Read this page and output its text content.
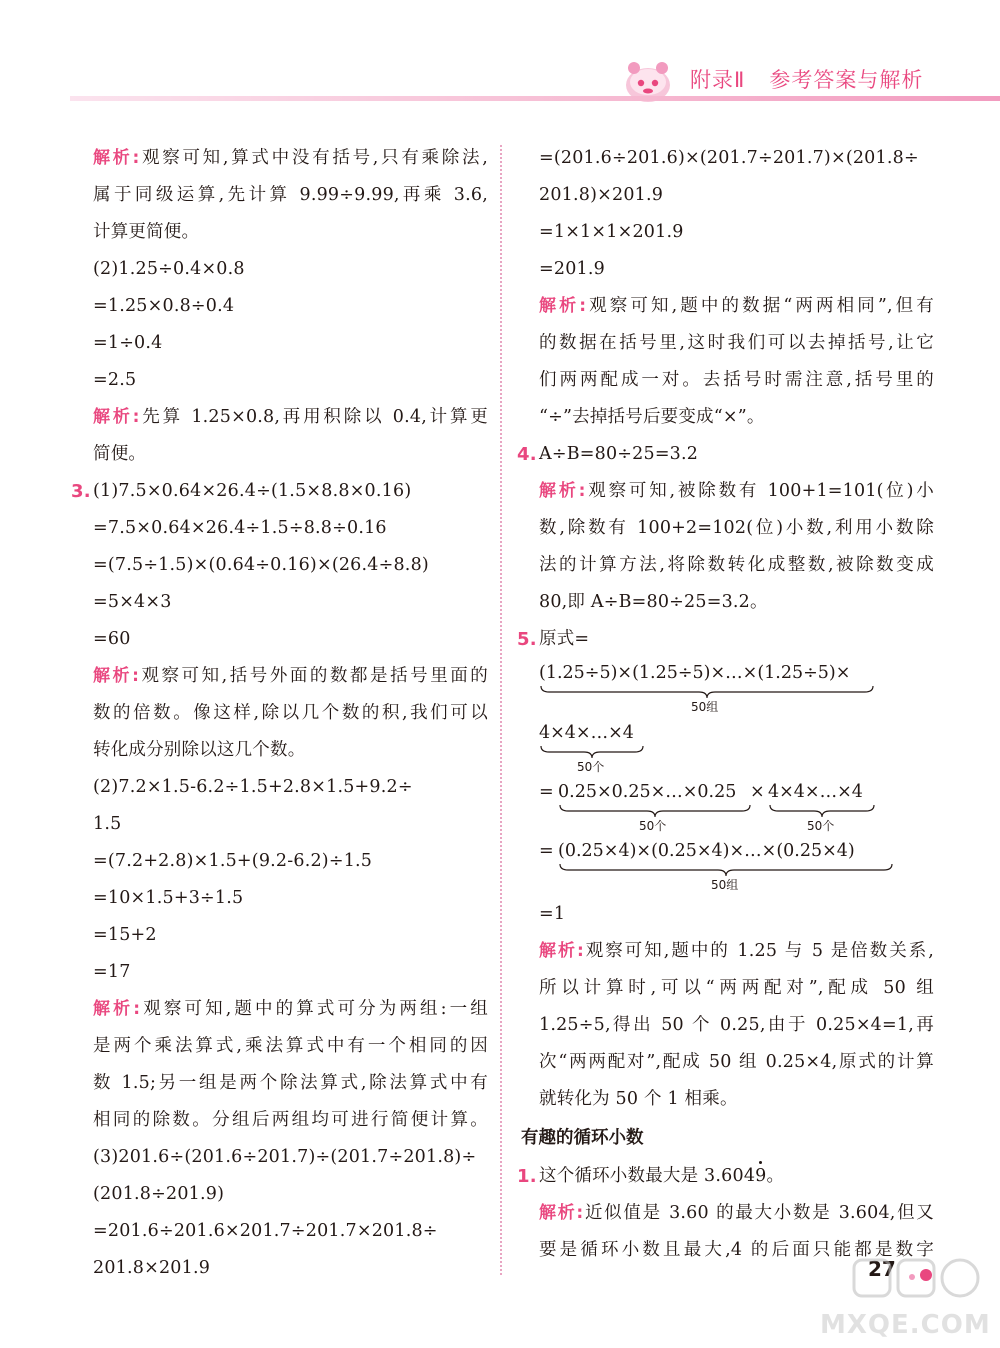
附录Ⅱ 参考答案与解析
解析:观察可知,算式中没有括号,只有乘除法,
属于同级运算,先计算 9.99÷9.99,再乘 3.6,
计算更简便。
(2)1.25÷0.4×0.8
=1.25×0.8÷0.4
=1÷0.4
=2.5
解析:先算 1.25×0.8,再用积除以 0.4,计算更
简便。
3. (1)7.5×0.64×26.4÷(1.5×8.8×0.16)
=7.5×0.64×26.4÷1.5÷8.8÷0.16
=(7.5÷1.5)×(0.64÷0.16)×(26.4÷8.8)
=5×4×3
=60
解析:观察可知,括号外面的数都是括号里面的
数的倍数。像这样,除以几个数的积,我们可以
转化成分别除以这几个数。
(2)7.2×1.5-6.2÷1.5+2.8×1.5+9.2÷
1.5
=(7.2+2.8)×1.5+(9.2-6.2)÷1.5
=10×1.5+3÷1.5
=15+2
=17
解析:观察可知,题中的算式可分为两组:一组
是两个乘法算式,乘法算式中有一个相同的因
数 1.5;另一组是两个除法算式,除法算式中有
相同的除数。分组后两组均可进行简便计算。
(3)201.6÷(201.6÷201.7)÷(201.7÷201.8)÷
(201.8÷201.9)
=201.6÷201.6×201.7÷201.7×201.8÷
201.8×201.9
=(201.6÷201.6)×(201.7÷201.7)×(201.8÷
201.8)×201.9
=1×1×1×201.9
=201.9
解析:观察可知,题中的数据“两两相同”,但有
的数据在括号里,这时我们可以去掉括号,让它
们两两配成一对。去括号时需注意,括号里的
“÷”去掉括号后要变成“×”。
4. A÷B=80÷25=3.2
解析:观察可知,被除数有 100+1=101(位)小
数,除数有 100+2=102(位)小数,利用小数除
法的计算方法,将除数转化成整数,被除数变成
80,即 A÷B=80÷25=3.2。
5. 原式=
(1.25÷5)×(1.25÷5)×…×(1.25÷5)×
50组
4×4×…×4
50个
= 0.25×0.25×…×0.25
50个
× 4×4×…×4
50个
= (0.25×4)×(0.25×4)×…×(0.25×4)
50组
=1
解析:观察可知,题中的 1.25 与 5 是倍数关系,
所以计算时,可以“两两配对”,配成 50 组
1.25÷5,得出 50 个 0.25,由于 0.25×4=1,再
次“两两配对”,配成 50 组 0.25×4,原式的计算
就转化为 50 个 1 相乘。
有趣的循环小数
1. 这个循环小数最大是 3.6049。
解析:近似值是 3.60 的最大小数是 3.604,但又
要是循环小数且最大,4 的后面只能都是数字
27
MXQE.COM
